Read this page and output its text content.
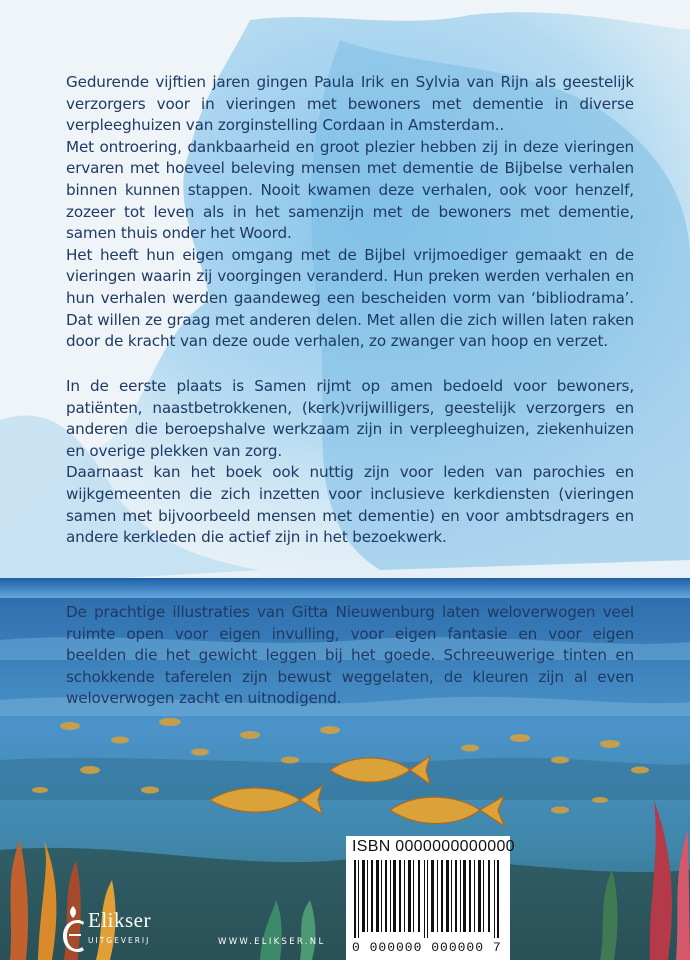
Gedurende vijftien jaren gingen Paula Irik en Sylvia van Rijn als geestelijk verzorgers voor in vieringen met bewoners met dementie in diverse verpleeghuizen van zorginstelling Cordaan in Amsterdam..

Met ontroering, dankbaarheid en groot plezier hebben zij in deze vieringen ervaren met hoeveel beleving mensen met dementie de Bijbelse verhalen binnen kunnen stappen. Nooit kwamen deze verhalen, ook voor henzelf, zozeer tot leven als in het samenzijn met de bewoners met dementie, samen thuis onder het Woord.

Het heeft hun eigen omgang met de Bijbel vrijmoediger gemaakt en de vieringen waarin zij voorgingen veranderd. Hun preken werden verhalen en hun verhalen werden gaandeweg een bescheiden vorm van ‘bibliodrama’. Dat willen ze graag met anderen delen. Met allen die zich willen laten raken door de kracht van deze oude verhalen, zo zwanger van hoop en verzet.

In de eerste plaats is Samen rijmt op amen bedoeld voor bewoners, patiënten, naastbetrokkenen, (kerk)vrijwilligers, geestelijk verzorgers en anderen die beroepshalve werkzaam zijn in verpleeghuizen, ziekenhuizen en overige plekken van zorg.

Daarnaast kan het boek ook nuttig zijn voor leden van parochies en wijkgemeenten die zich inzetten voor inclusieve kerkdiensten (vieringen samen met bijvoorbeeld mensen met dementie) en voor ambtsdragers en andere kerkleden die actief zijn in het bezoekwerk.

De prachtige illustraties van Gitta Nieuwenburg laten weloverwogen veel ruimte open voor eigen invulling, voor eigen fantasie en voor eigen beelden die het gewicht leggen bij het goede. Schreeuwerige tinten en schokkende taferelen zijn bewust weggelaten, de kleuren zijn al even weloverwogen zacht en uitnodigend.

ISBN 0000000000000
0 000000 000000 7
Elikser
UITGEVERIJ	WWW.ELIKSER.NL
